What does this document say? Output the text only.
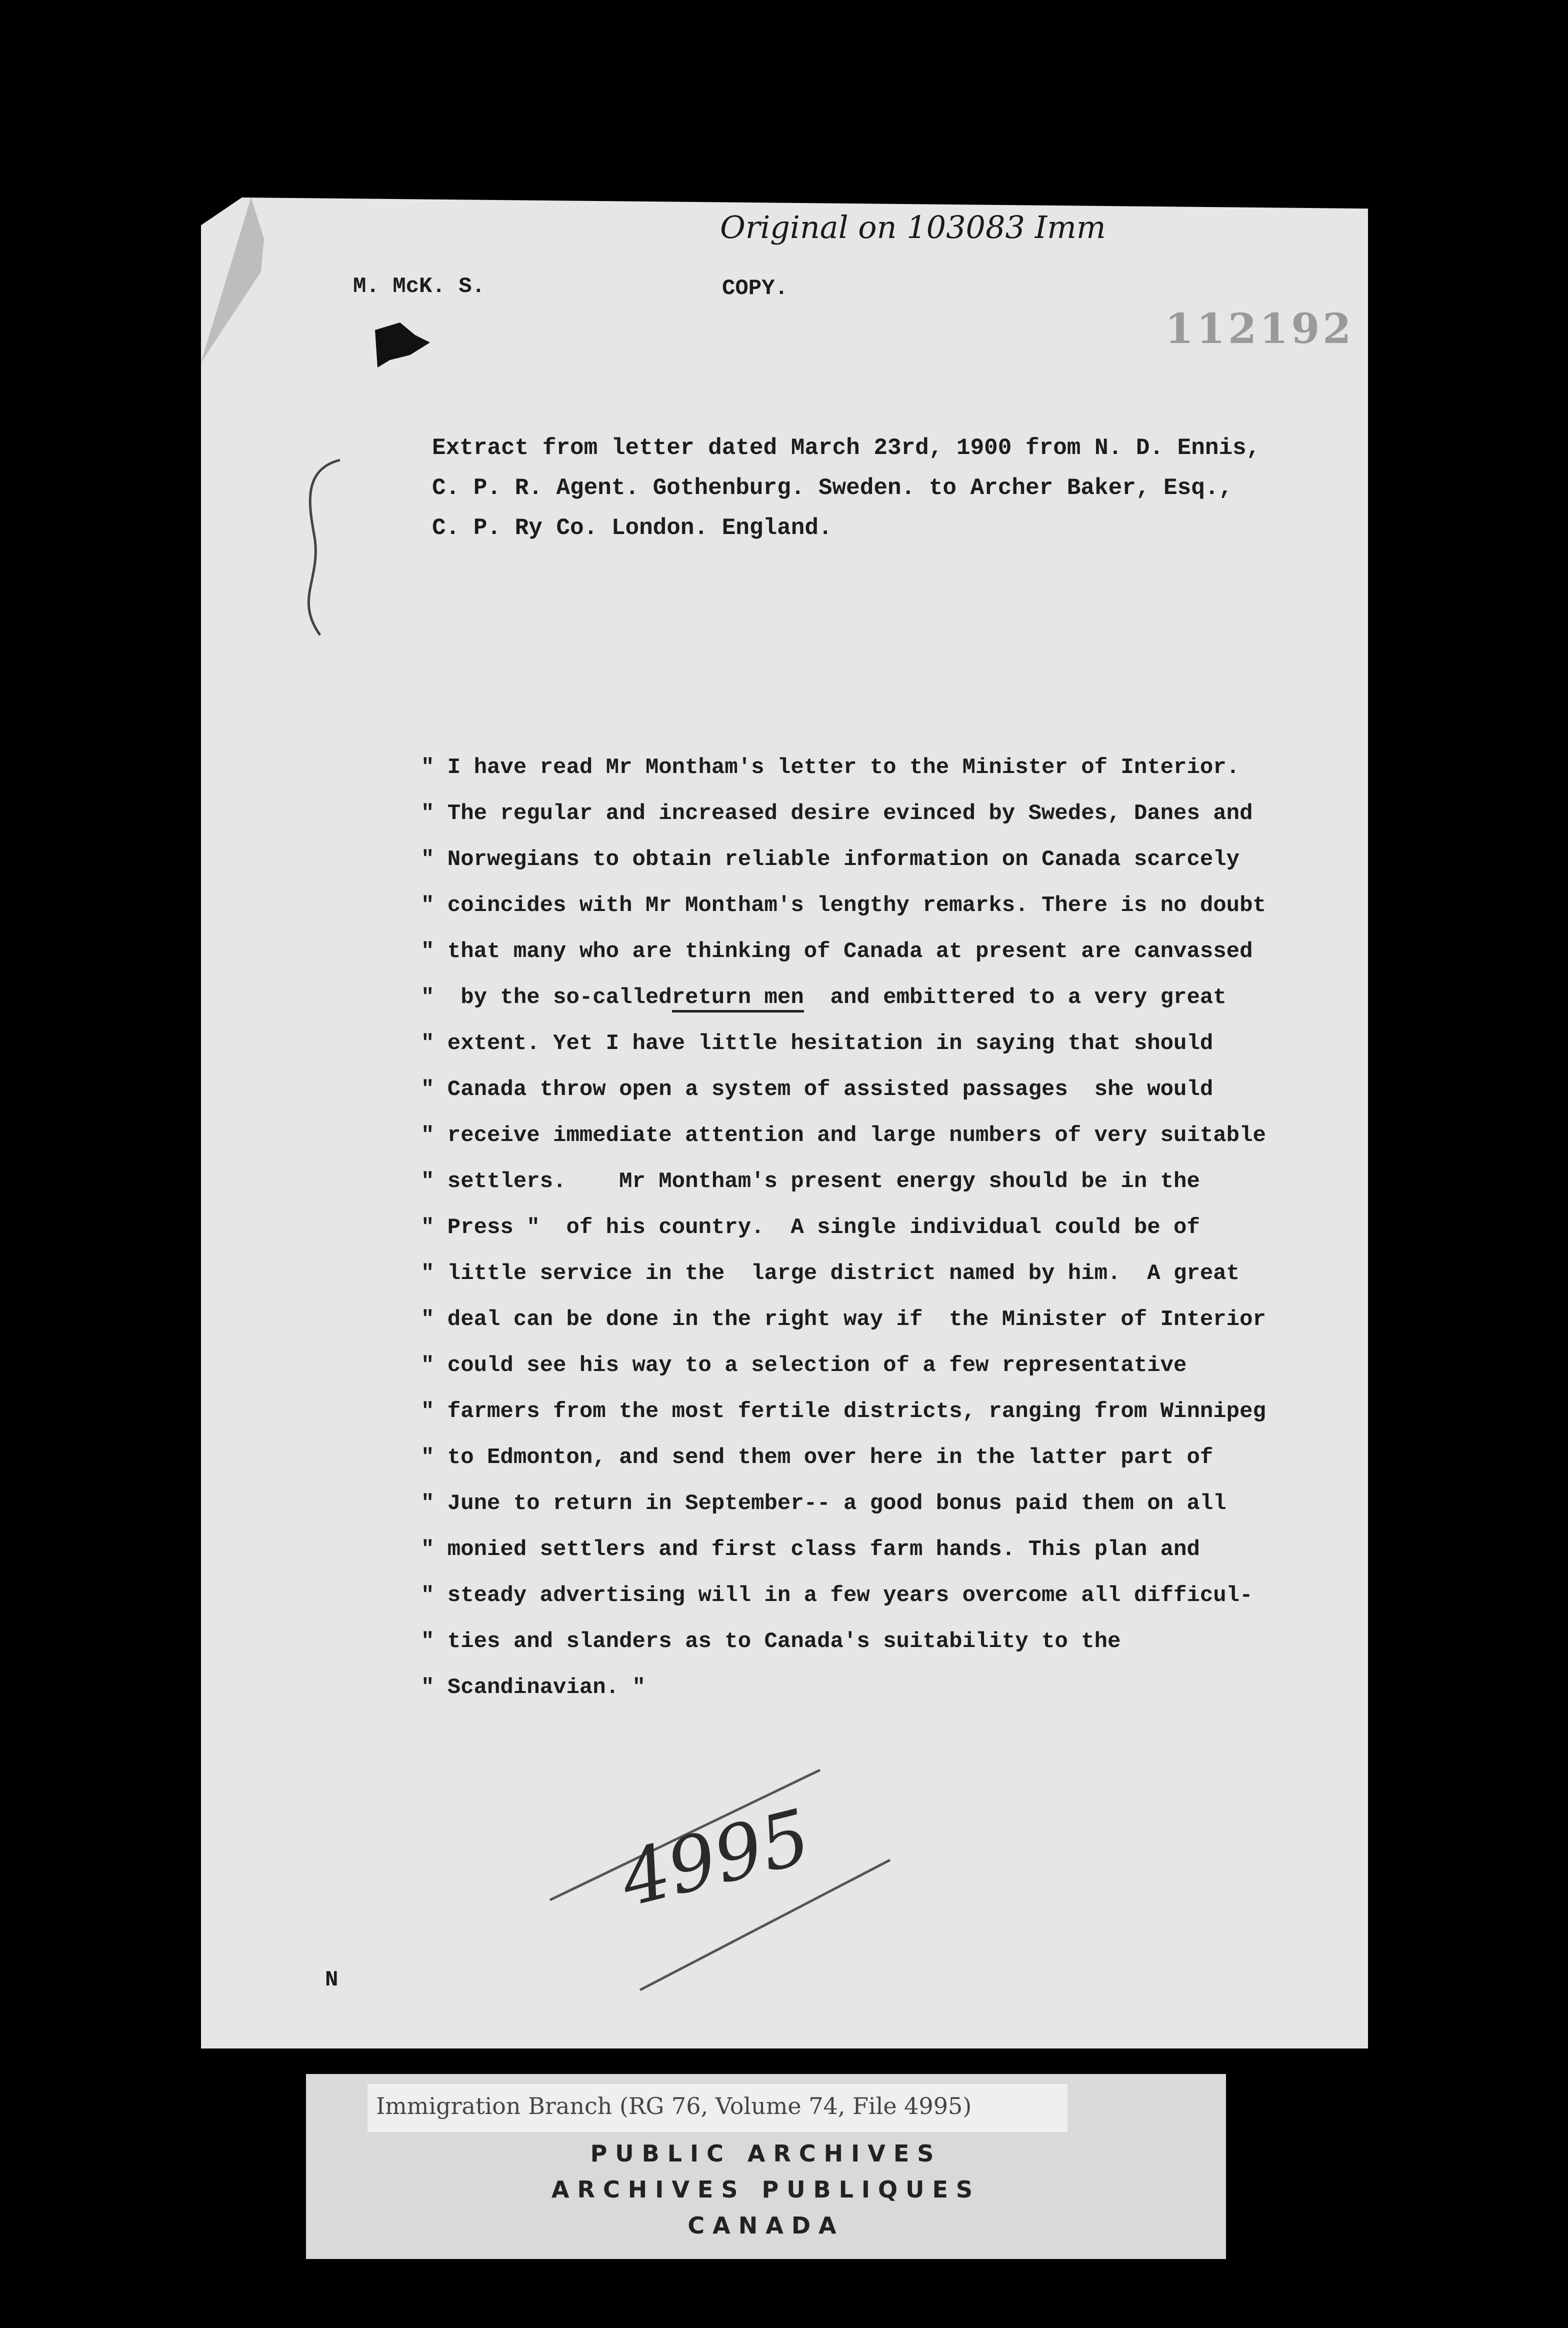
M. McK. S.	COPY.
Original on 103083 Imm
112192
Extract from letter dated March 23rd, 1900 from N. D. Ennis,
C. P. R. Agent. Gothenburg. Sweden. to Archer Baker, Esq.,
C. P. Ry Co. London. England.
" I have read Mr Montham's letter to the Minister of Interior.
" The regular and increased desire evinced by Swedes, Danes and
" Norwegians to obtain reliable information on Canada scarcely
" coincides with Mr Montham's lengthy remarks. There is no doubt
" that many who are thinking of Canada at present are canvassed
"  by the so-calledreturn men  and embittered to a very great
" extent. Yet I have little hesitation in saying that should
" Canada throw open a system of assisted passages  she would
" receive immediate attention and large numbers of very suitable
" settlers.    Mr Montham's present energy should be in the
" Press "  of his country.  A single individual could be of
" little service in the  large district named by him.  A great
" deal can be done in the right way if  the Minister of Interior
" could see his way to a selection of a few representative
" farmers from the most fertile districts, ranging from Winnipeg
" to Edmonton, and send them over here in the latter part of
" June to return in September-- a good bonus paid them on all
" monied settlers and first class farm hands. This plan and
" steady advertising will in a few years overcome all difficul-
" ties and slanders as to Canada's suitability to the
" Scandinavian. "
4995
N
Immigration Branch (RG 76, Volume 74, File 4995)
PUBLIC ARCHIVES
ARCHIVES PUBLIQUES
CANADA
